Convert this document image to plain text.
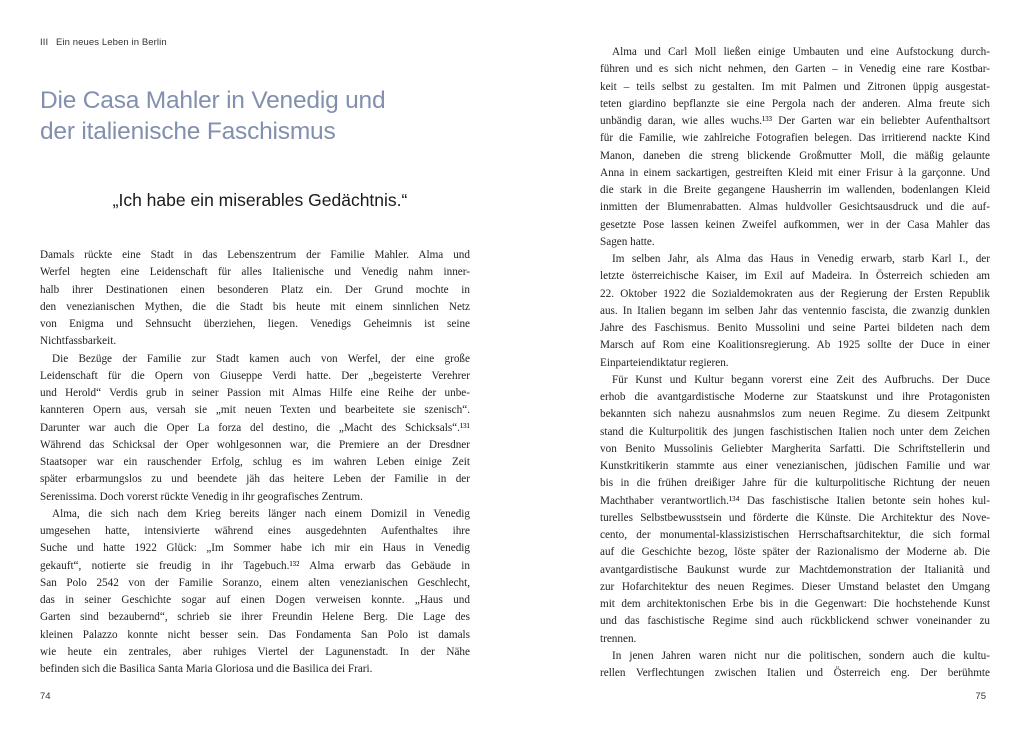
III Ein neues Leben in Berlin
Die Casa Mahler in Venedig und
der italienische Faschismus

„Ich habe ein miserables Gedächtnis.“

Damals rückte eine Stadt in das Lebenszentrum der Familie Mahler. Alma und
Werfel hegten eine Leidenschaft für alles Italienische und Venedig nahm inner-
halb ihrer Destinationen einen besonderen Platz ein. Der Grund mochte in
den venezianischen Mythen, die die Stadt bis heute mit einem sinnlichen Netz
von Enigma und Sehnsucht überziehen, liegen. Venedigs Geheimnis ist seine
Nichtfassbarkeit.
Die Bezüge der Familie zur Stadt kamen auch von Werfel, der eine große
Leidenschaft für die Opern von Giuseppe Verdi hatte. Der „begeisterte Verehrer
und Herold“ Verdis grub in seiner Passion mit Almas Hilfe eine Reihe der unbe-
kannteren Opern aus, versah sie „mit neuen Texten und bearbeitete sie szenisch“.
Darunter war auch die Oper La forza del destino, die „Macht des Schicksals“.¹³¹
Während das Schicksal der Oper wohlgesonnen war, die Premiere an der Dresdner
Staatsoper war ein rauschender Erfolg, schlug es im wahren Leben einige Zeit
später erbarmungslos zu und beendete jäh das heitere Leben der Familie in der
Serenissima. Doch vorerst rückte Venedig in ihr geografisches Zentrum.
Alma, die sich nach dem Krieg bereits länger nach einem Domizil in Venedig
umgesehen hatte, intensivierte während eines ausgedehnten Aufenthaltes ihre
Suche und hatte 1922 Glück: „Im Sommer habe ich mir ein Haus in Venedig
gekauft“, notierte sie freudig in ihr Tagebuch.¹³² Alma erwarb das Gebäude in
San Polo 2542 von der Familie Soranzo, einem alten venezianischen Geschlecht,
das in seiner Geschichte sogar auf einen Dogen verweisen konnte. „Haus und
Garten sind bezaubernd“, schrieb sie ihrer Freundin Helene Berg. Die Lage des
kleinen Palazzo konnte nicht besser sein. Das Fondamenta San Polo ist damals
wie heute ein zentrales, aber ruhiges Viertel der Lagunenstadt. In der Nähe
befinden sich die Basilica Santa Maria Gloriosa und die Basilica dei Frari.
74
Alma und Carl Moll ließen einige Umbauten und eine Aufstockung durch-
führen und es sich nicht nehmen, den Garten – in Venedig eine rare Kostbar-
keit – teils selbst zu gestalten. Im mit Palmen und Zitronen üppig ausgestat-
teten giardino bepflanzte sie eine Pergola nach der anderen. Alma freute sich
unbändig daran, wie alles wuchs.¹³³ Der Garten war ein beliebter Aufenthaltsort
für die Familie, wie zahlreiche Fotografien belegen. Das irritierend nackte Kind
Manon, daneben die streng blickende Großmutter Moll, die mäßig gelaunte
Anna in einem sackartigen, gestreiften Kleid mit einer Frisur à la garçonne. Und
die stark in die Breite gegangene Hausherrin im wallenden, bodenlangen Kleid
inmitten der Blumenrabatten. Almas huldvoller Gesichtsausdruck und die auf-
gesetzte Pose lassen keinen Zweifel aufkommen, wer in der Casa Mahler das
Sagen hatte.
Im selben Jahr, als Alma das Haus in Venedig erwarb, starb Karl I., der
letzte österreichische Kaiser, im Exil auf Madeira. In Österreich schieden am
22. Oktober 1922 die Sozialdemokraten aus der Regierung der Ersten Republik
aus. In Italien begann im selben Jahr das ventennio fascista, die zwanzig dunklen
Jahre des Faschismus. Benito Mussolini und seine Partei bildeten nach dem
Marsch auf Rom eine Koalitionsregierung. Ab 1925 sollte der Duce in einer
Einparteiendiktatur regieren.
Für Kunst und Kultur begann vorerst eine Zeit des Aufbruchs. Der Duce
erhob die avantgardistische Moderne zur Staatskunst und ihre Protagonisten
bekannten sich nahezu ausnahmslos zum neuen Regime. Zu diesem Zeitpunkt
stand die Kulturpolitik des jungen faschistischen Italien noch unter dem Zeichen
von Benito Mussolinis Geliebter Margherita Sarfatti. Die Schriftstellerin und
Kunstkritikerin stammte aus einer venezianischen, jüdischen Familie und war
bis in die frühen dreißiger Jahre für die kulturpolitische Richtung der neuen
Machthaber verantwortlich.¹³⁴ Das faschistische Italien betonte sein hohes kul-
turelles Selbstbewusstsein und förderte die Künste. Die Architektur des Nove-
cento, der monumental-klassizistischen Herrschaftsarchitektur, die sich formal
auf die Geschichte bezog, löste später der Razionalismo der Moderne ab. Die
avantgardistische Baukunst wurde zur Machtdemonstration der Italianità und
zur Hofarchitektur des neuen Regimes. Dieser Umstand belastet den Umgang
mit dem architektonischen Erbe bis in die Gegenwart: Die hochstehende Kunst
und das faschistische Regime sind auch rückblickend schwer voneinander zu
trennen.
In jenen Jahren waren nicht nur die politischen, sondern auch die kultu-
rellen Verflechtungen zwischen Italien und Österreich eng. Der berühmte
75
